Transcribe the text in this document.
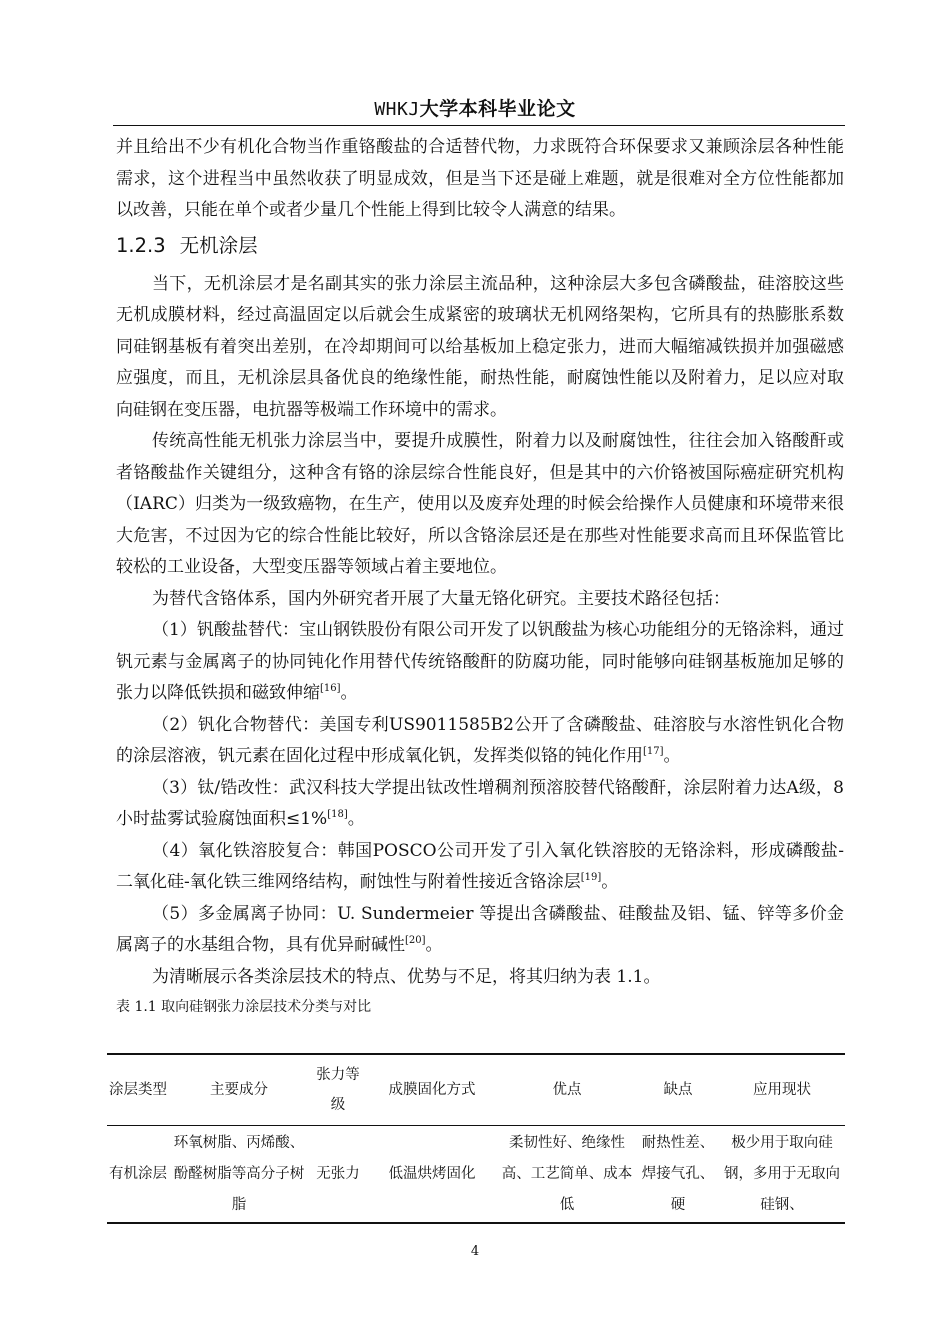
WHKJ大学本科毕业论文

并且给出不少有机化合物当作重铬酸盐的合适替代物，力求既符合环保要求又兼顾涂层各种性能需求，这个进程当中虽然收获了明显成效，但是当下还是碰上难题，就是很难对全方位性能都加以改善，只能在单个或者少量几个性能上得到比较令人满意的结果。

1.2.3 无机涂层

当下，无机涂层才是名副其实的张力涂层主流品种，这种涂层大多包含磷酸盐，硅溶胶这些无机成膜材料，经过高温固定以后就会生成紧密的玻璃状无机网络架构，它所具有的热膨胀系数同硅钢基板有着突出差别，在冷却期间可以给基板加上稳定张力，进而大幅缩减铁损并加强磁感应强度，而且，无机涂层具备优良的绝缘性能，耐热性能，耐腐蚀性能以及附着力，足以应对取向硅钢在变压器，电抗器等极端工作环境中的需求。

传统高性能无机张力涂层当中，要提升成膜性，附着力以及耐腐蚀性，往往会加入铬酸酐或者铬酸盐作关键组分，这种含有铬的涂层综合性能良好，但是其中的六价铬被国际癌症研究机构（IARC）归类为一级致癌物，在生产，使用以及废弃处理的时候会给操作人员健康和环境带来很大危害，不过因为它的综合性能比较好，所以含铬涂层还是在那些对性能要求高而且环保监管比较松的工业设备，大型变压器等领域占着主要地位。

为替代含铬体系，国内外研究者开展了大量无铬化研究。主要技术路径包括：

（1）钒酸盐替代：宝山钢铁股份有限公司开发了以钒酸盐为核心功能组分的无铬涂料，通过钒元素与金属离子的协同钝化作用替代传统铬酸酐的防腐功能，同时能够向硅钢基板施加足够的张力以降低铁损和磁致伸缩[16]。

（2）钒化合物替代：美国专利US9011585B2公开了含磷酸盐、硅溶胶与水溶性钒化合物的涂层溶液，钒元素在固化过程中形成氧化钒，发挥类似铬的钝化作用[17]。

（3）钛/锆改性：武汉科技大学提出钛改性增稠剂预溶胶替代铬酸酐，涂层附着力达A级，8小时盐雾试验腐蚀面积≤1%[18]。

（4）氧化铁溶胶复合：韩国POSCO公司开发了引入氧化铁溶胶的无铬涂料，形成磷酸盐-二氧化硅-氧化铁三维网络结构，耐蚀性与附着性接近含铬涂层[19]。

（5）多金属离子协同：U. Sundermeier 等提出含磷酸盐、硅酸盐及铝、锰、锌等多价金属离子的水基组合物，具有优异耐碱性[20]。

为清晰展示各类涂层技术的特点、优势与不足，将其归纳为表 1.1。

表 1.1 取向硅钢张力涂层技术分类与对比

涂层类型	主要成分	张力等级	成膜固化方式	优点	缺点	应用现状
有机涂层	环氧树脂、丙烯酸、酚醛树脂等高分子树脂	无张力	低温烘烤固化	柔韧性好、绝缘性高、工艺简单、成本低	耐热性差、焊接气孔、硬	极少用于取向硅钢，多用于无取向硅钢、
4
